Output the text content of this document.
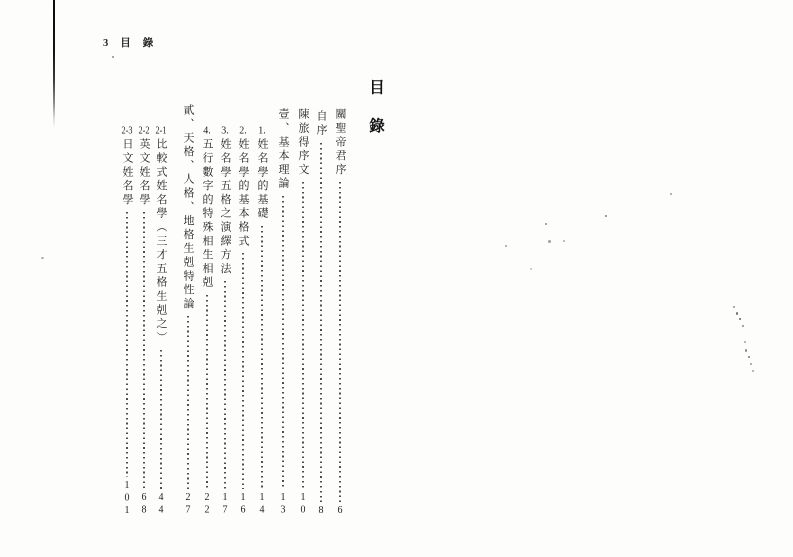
3 目錄
目錄
關聖帝君序
6
自序
8
陳旅得序文
10
壹、基本理論
13
1.
姓名學的基礎
14
2.
姓名學的基本格式
16
3.
姓名學五格之演繹方法
17
4.
五行數字的特殊相生相剋
22
貳、天格、人格、地格生剋特性論
27
2-1
比較式姓名學（三才五格生剋之）
44
2-2
英文姓名學
68
2-3
日文姓名學
101
